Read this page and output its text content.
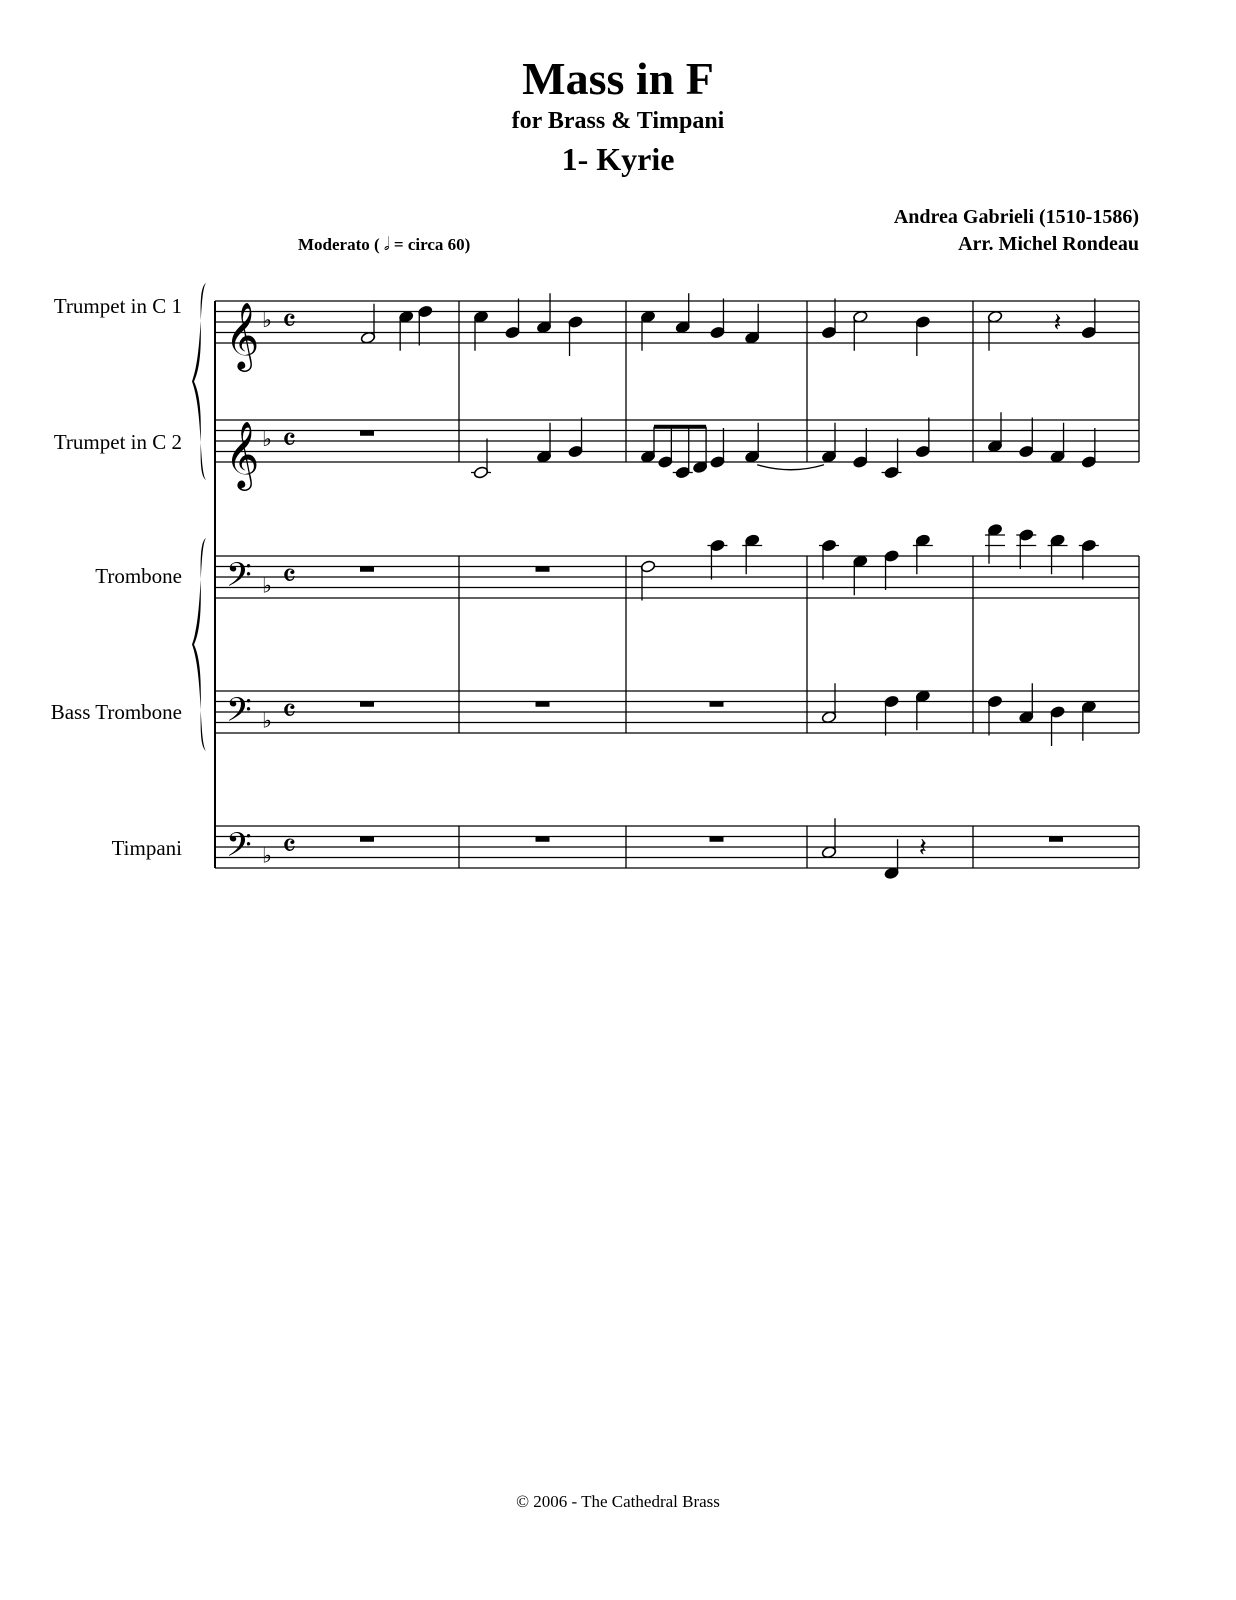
Mass in F
for Brass & Timpani
1- Kyrie
Andrea Gabrieli (1510-1586)
Arr. Michel Rondeau
Moderato ( 𝅗𝅥 = circa 60)
Trumpet in C 1
Trumpet in C 2
Trombone
Bass Trombone
Timpani
𝄞 ♭ 𝄴
𝄞 ♭ 𝄴
𝄢 ♭ 𝄴
𝄢 ♭ 𝄴
𝄢 ♭ 𝄴
𝄽
𝄽
© 2006 - The Cathedral Brass
